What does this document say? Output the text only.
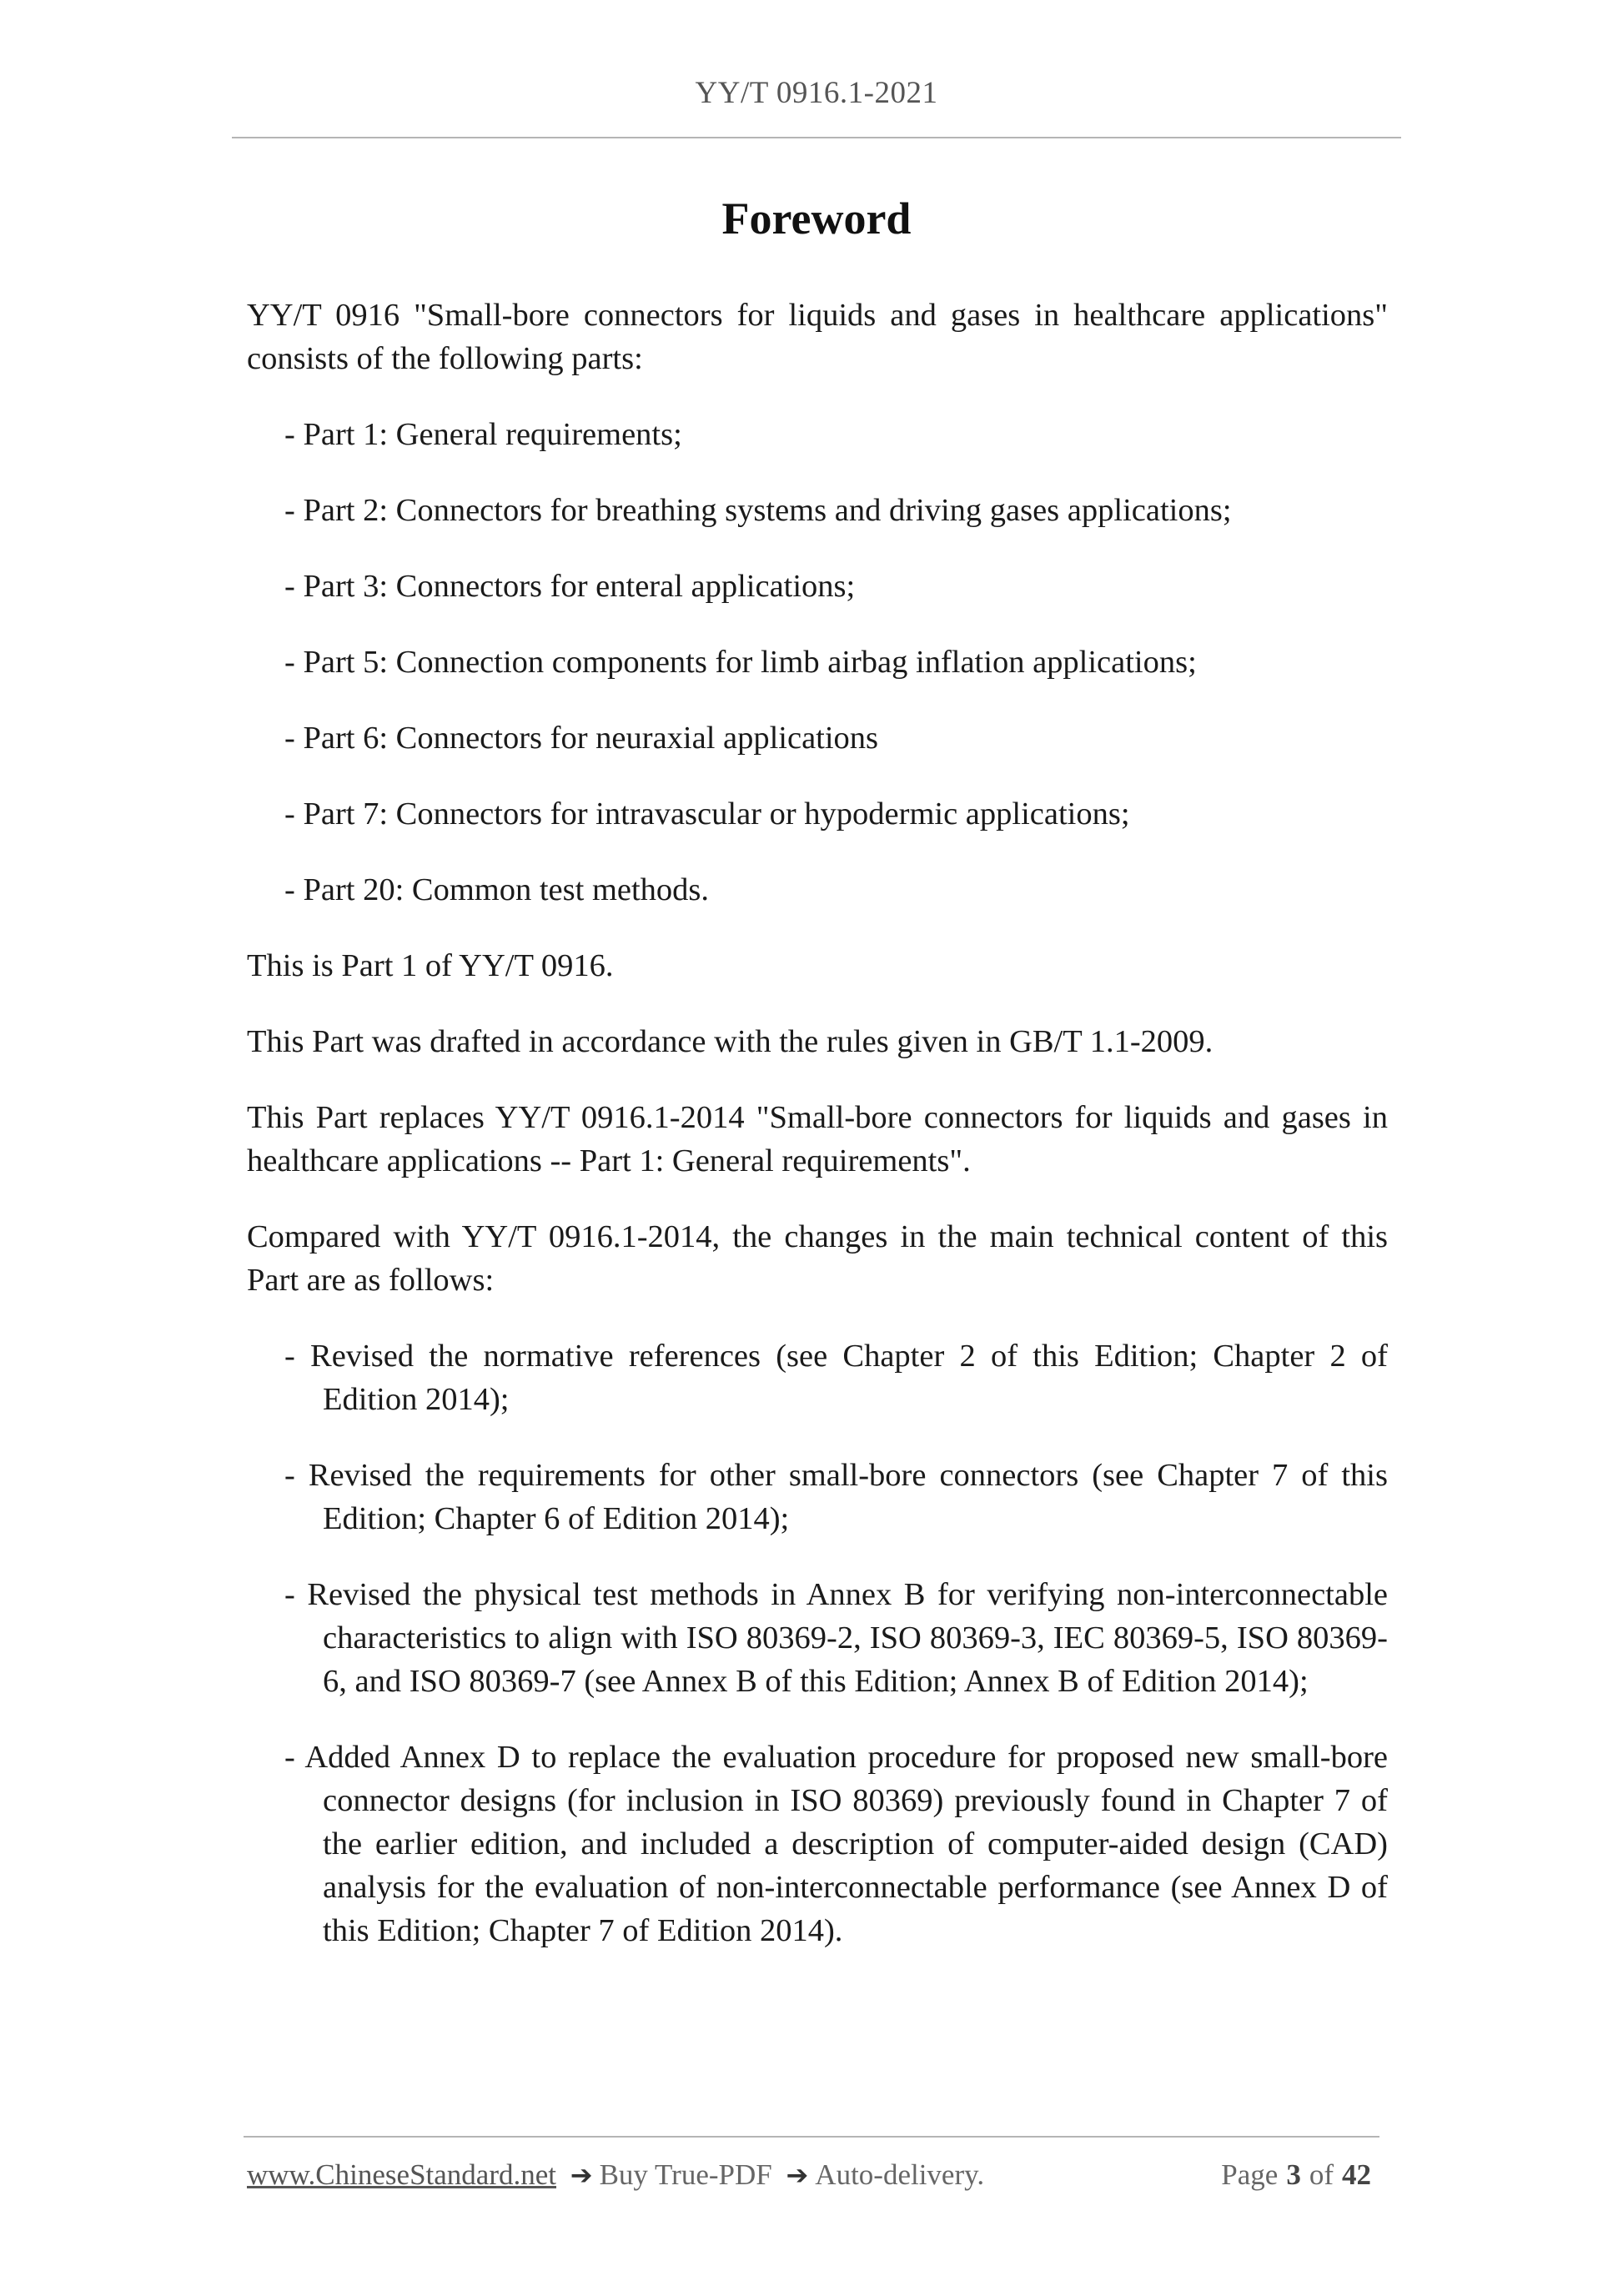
YY/T 0916.1-2021
Foreword

YY/T 0916 "Small-bore connectors for liquids and gases in healthcare applications" consists of the following parts:

- Part 1: General requirements;

- Part 2: Connectors for breathing systems and driving gases applications;

- Part 3: Connectors for enteral applications;

- Part 5: Connection components for limb airbag inflation applications;

- Part 6: Connectors for neuraxial applications

- Part 7: Connectors for intravascular or hypodermic applications;

- Part 20: Common test methods.

This is Part 1 of YY/T 0916.

This Part was drafted in accordance with the rules given in GB/T 1.1-2009.

This Part replaces YY/T 0916.1-2014 "Small-bore connectors for liquids and gases in healthcare applications -- Part 1: General requirements".

Compared with YY/T 0916.1-2014, the changes in the main technical content of this Part are as follows:

- Revised the normative references (see Chapter 2 of this Edition; Chapter 2 of Edition 2014);

- Revised the requirements for other small-bore connectors (see Chapter 7 of this Edition; Chapter 6 of Edition 2014);

- Revised the physical test methods in Annex B for verifying non-interconnectable characteristics to align with ISO 80369-2, ISO 80369-3, IEC 80369-5, ISO 80369-6, and ISO 80369-7 (see Annex B of this Edition; Annex B of Edition 2014);

- Added Annex D to replace the evaluation procedure for proposed new small-bore connector designs (for inclusion in ISO 80369) previously found in Chapter 7 of the earlier edition, and included a description of computer-aided design (CAD) analysis for the evaluation of non-interconnectable performance (see Annex D of this Edition; Chapter 7 of Edition 2014).

www.ChineseStandard.net ➔ Buy True-PDF ➔ Auto-delivery.	Page 3 of 42
